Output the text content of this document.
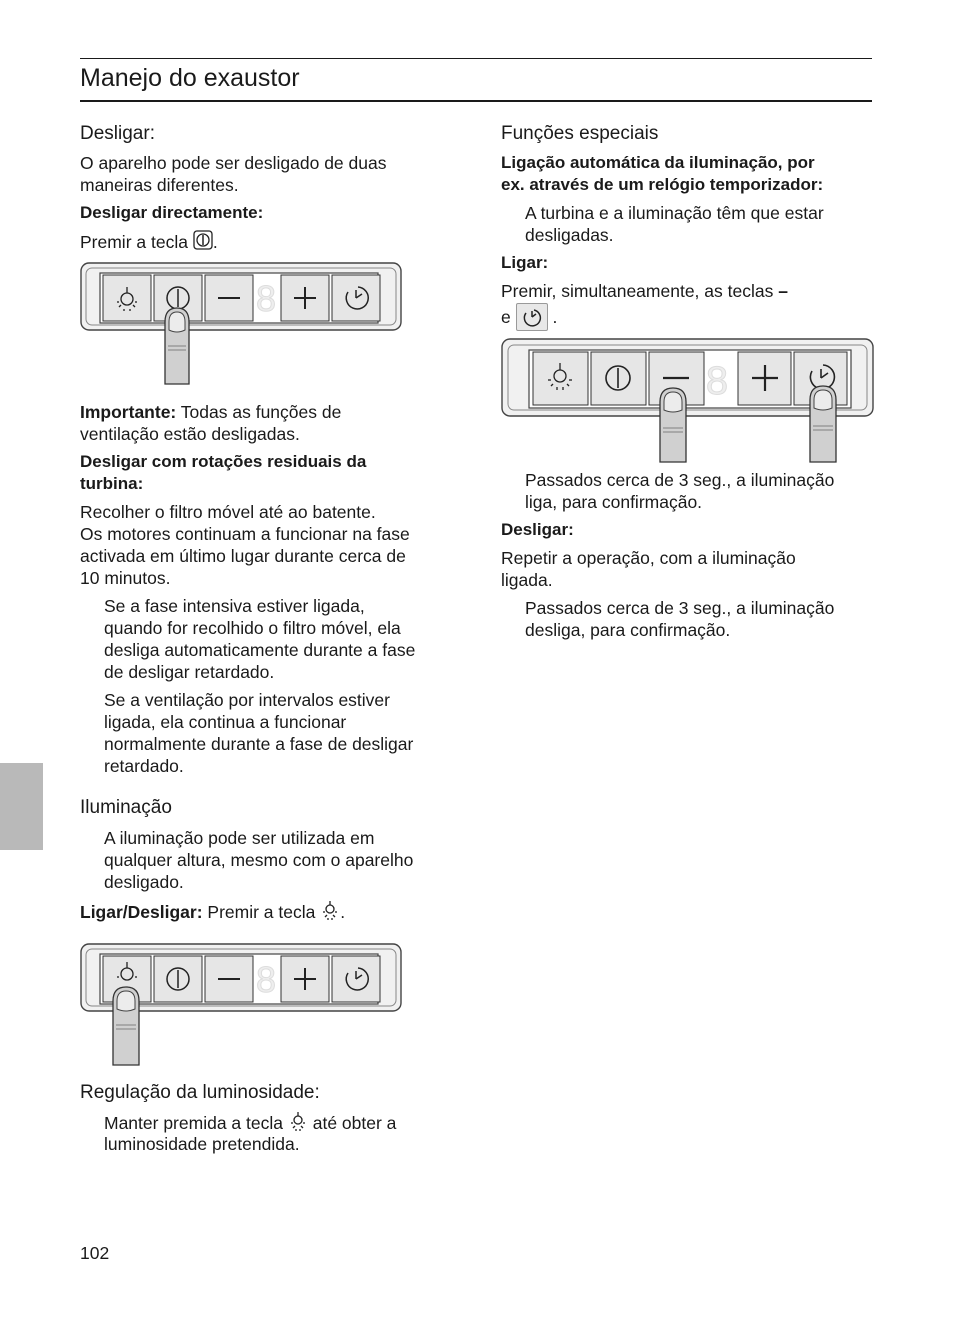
Manejo do exaustor
Desligar:
O aparelho pode ser desligado de duas
maneiras diferentes.
Desligar directamente:
Premir a tecla .
8
Importante: Todas as funções de
ventilação estão desligadas.
Desligar com rotações residuais da
turbina:
Recolher o filtro móvel até ao batente.
Os motores continuam a funcionar na fase
activada em último lugar durante cerca de
10 minutos.
Se a fase intensiva estiver ligada,
quando for recolhido o filtro móvel, ela
desliga automaticamente durante a fase
de desligar retardado.
Se a ventilação por intervalos estiver
ligada, ela continua a funcionar
normalmente durante a fase de desligar
retardado.
Iluminação
A iluminação pode ser utilizada em
qualquer altura, mesmo com o aparelho
desligado.
Ligar/Desligar: Premir a tecla .
8
Regulação da luminosidade:
Manter premida a tecla  até obter a
luminosidade pretendida.
Funções especiais
Ligação automática da iluminação, por
ex. através de um relógio temporizador:
A turbina e a iluminação têm que estar
desligadas.
Ligar:
Premir, simultaneamente, as teclas –
e .
8
Passados cerca de 3 seg., a iluminação
liga, para confirmação.
Desligar:
Repetir a operação, com a iluminação
ligada.
Passados cerca de 3 seg., a iluminação
desliga, para confirmação.
102
